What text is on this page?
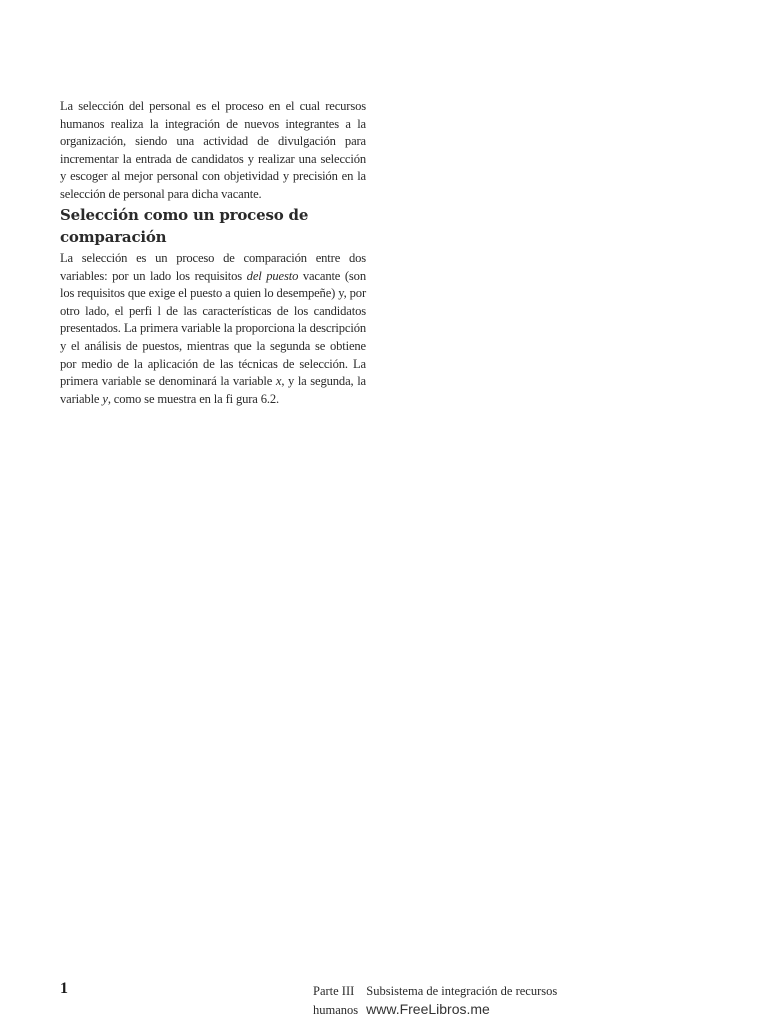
La selección del personal es el proceso en el cual recursos humanos realiza la integración de nuevos integrantes a la organización, siendo una actividad de divulgación para incrementar la entrada de candidatos y realizar una selección y escoger al mejor personal con objetividad y precisión en la selección de personal para dicha vacante.

Selección como un proceso de comparación

La selección es un proceso de comparación entre dos variables: por un lado los requisitos del puesto vacante (son los requisitos que exige el puesto a quien lo desempeñe) y, por otro lado, el perfi l de las características de los candidatos presentados. La primera variable la proporciona la descripción y el análisis de puestos, mientras que la segunda se obtiene por medio de la aplicación de las técnicas de selección. La primera variable se denominará la variable x, y la segunda, la variable y, como se muestra en la fi gura 6.2.

1	Parte III Subsistema de integración de recursos
humanos www.FreeLibros.me
